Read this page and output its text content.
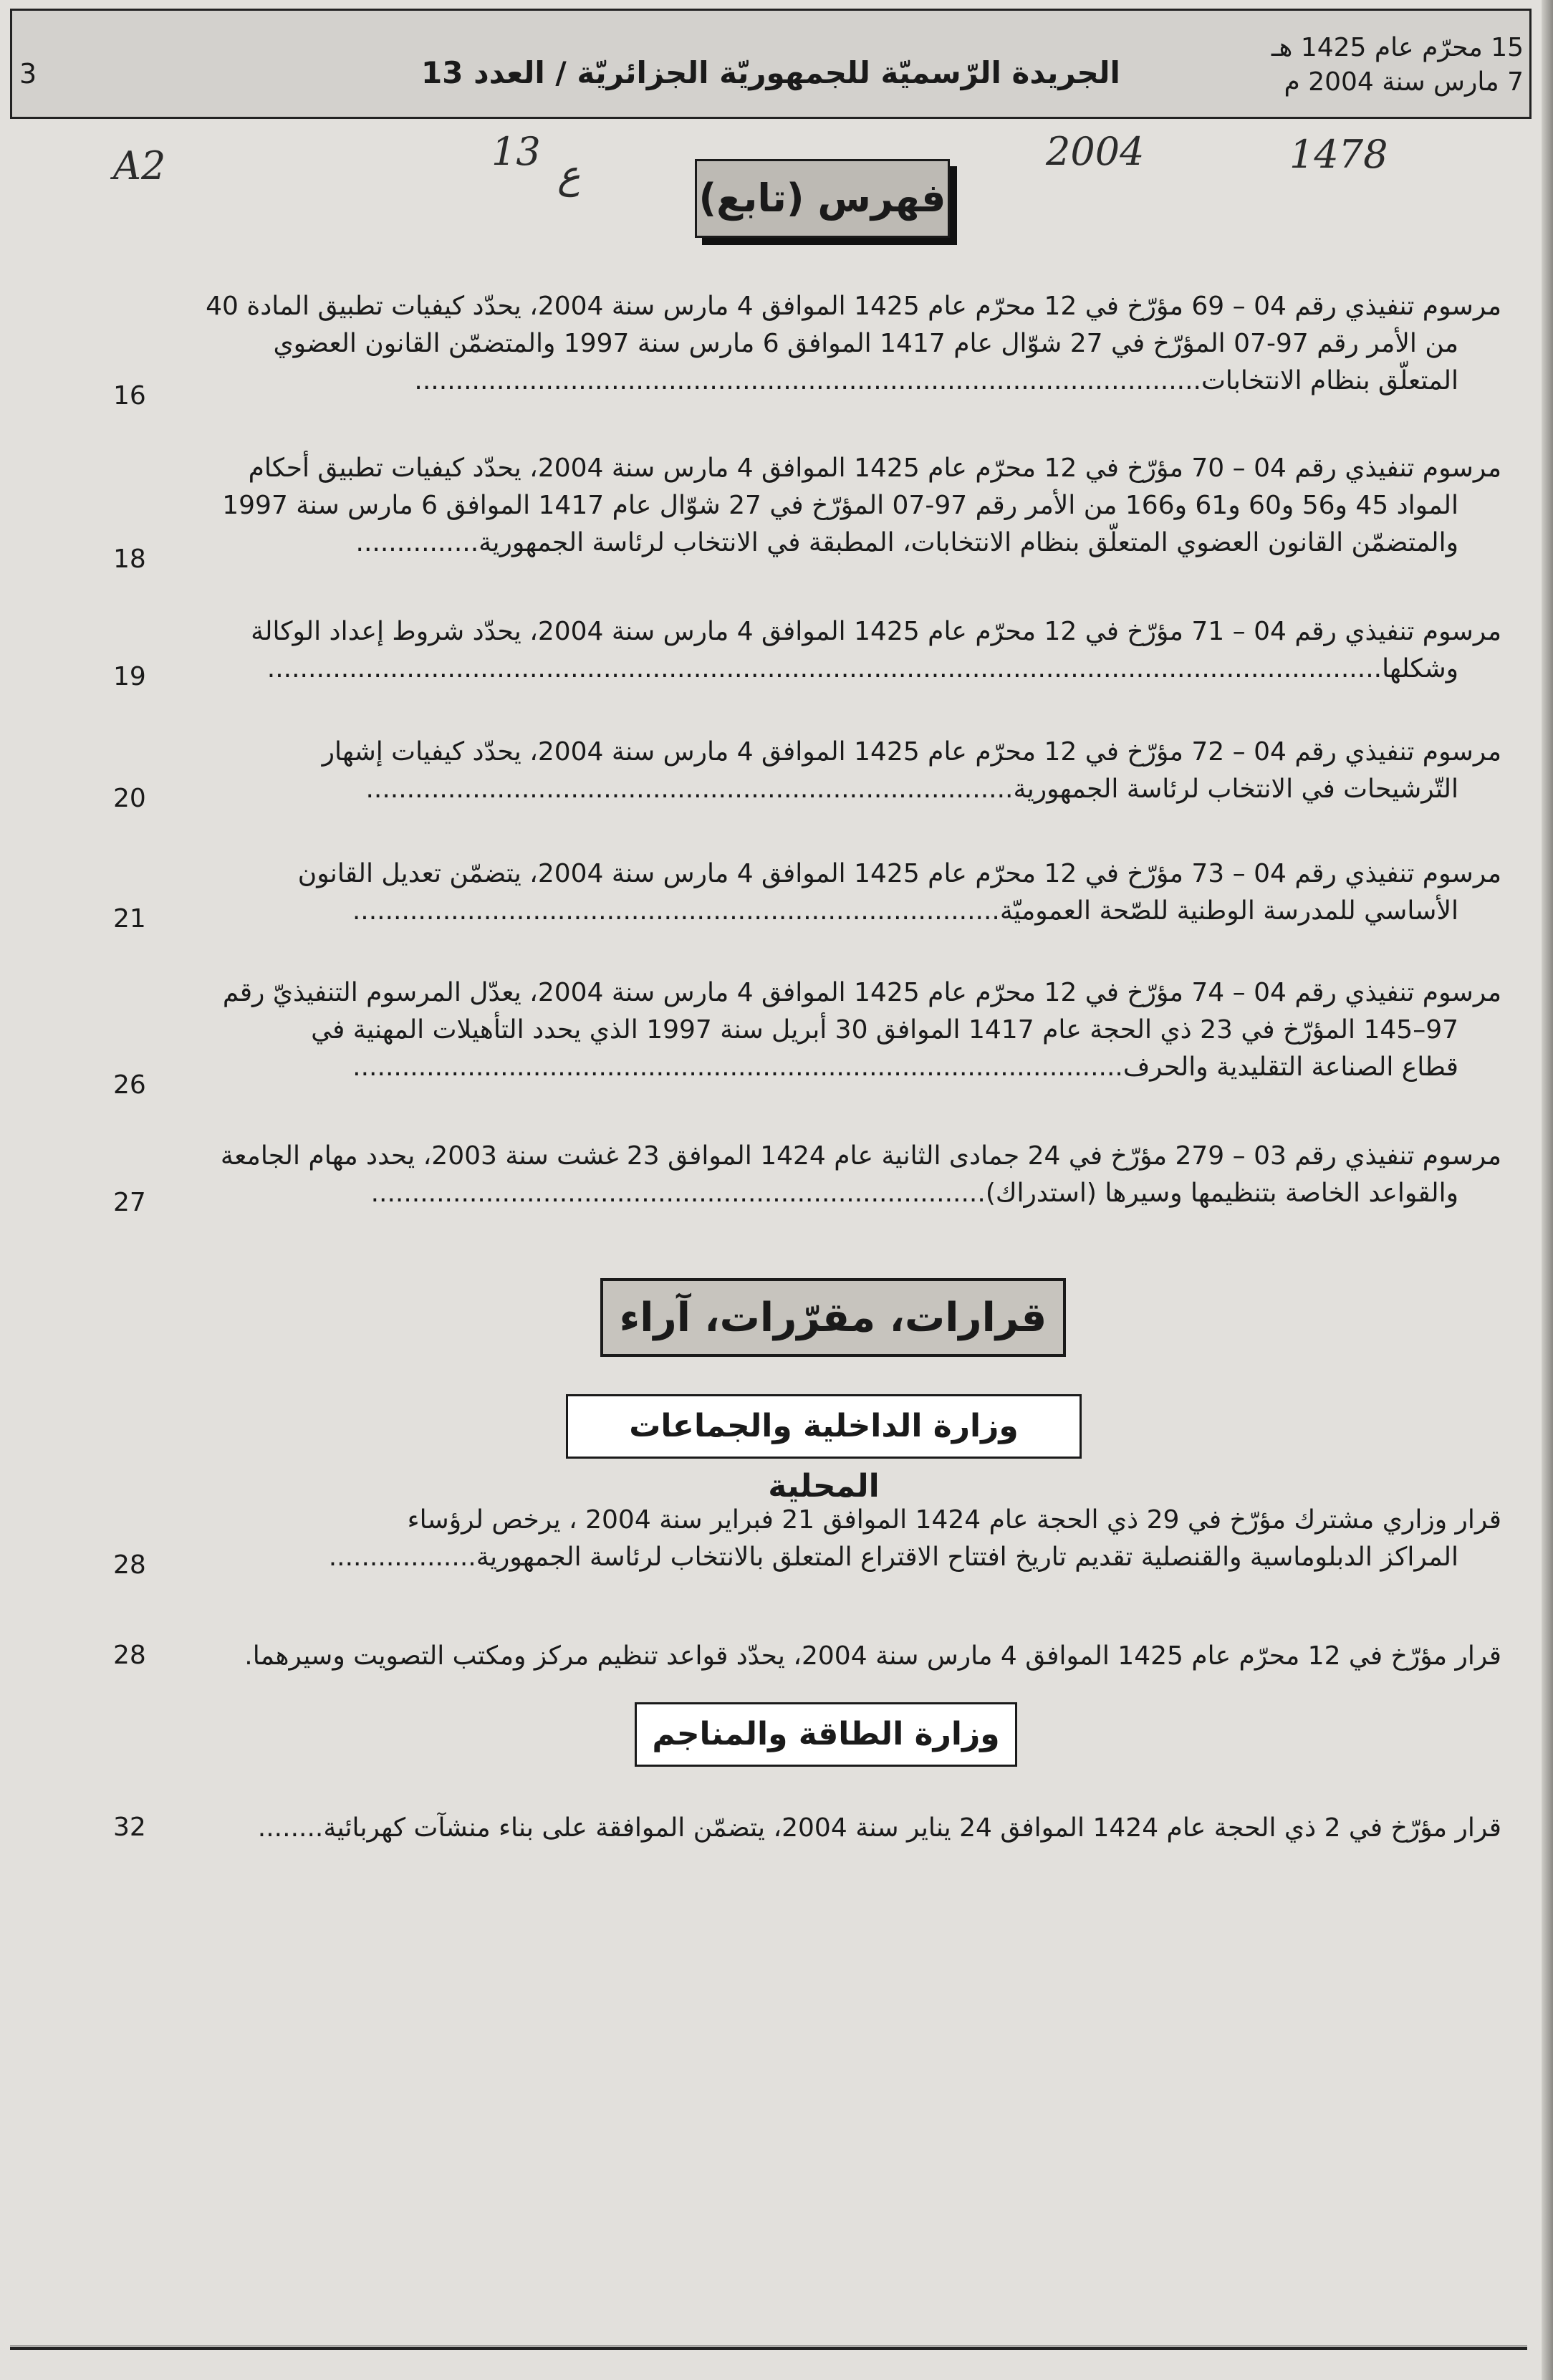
3	الجريدة الرّسميّة للجمهوريّة الجزائريّة / العدد 13
15 محرّم عام 1425 هـ
7 مارس سنة 2004 م
A2	13
ع
2004	1478
فهرس (تابع)
مرسوم تنفيذي رقم 04 – 69 مؤرّخ في 12 محرّم عام 1425 الموافق 4 مارس سنة 2004، يحدّد كيفيات تطبيق المادة 40
من الأمر رقم 97-07 المؤرّخ في 27 شوّال عام 1417 الموافق 6 مارس سنة 1997 والمتضمّن القانون العضوي
المتعلّق بنظام الانتخابات................................................................................................
16
مرسوم تنفيذي رقم 04 – 70 مؤرّخ في 12 محرّم عام 1425 الموافق 4 مارس سنة 2004، يحدّد كيفيات تطبيق أحكام
المواد 45 و56 و60 و61 و166 من الأمر رقم 97-07 المؤرّخ في 27 شوّال عام 1417 الموافق 6 مارس سنة 1997
والمتضمّن القانون العضوي المتعلّق بنظام الانتخابات، المطبقة في الانتخاب لرئاسة الجمهورية...............
18
مرسوم تنفيذي رقم 04 – 71 مؤرّخ في 12 محرّم عام 1425 الموافق 4 مارس سنة 2004، يحدّد شروط إعداد الوكالة
وشكلها........................................................................................................................................
19
مرسوم تنفيذي رقم 04 – 72 مؤرّخ في 12 محرّم عام 1425 الموافق 4 مارس سنة 2004، يحدّد كيفيات إشهار
التّرشيحات في الانتخاب لرئاسة الجمهورية...............................................................................
20
مرسوم تنفيذي رقم 04 – 73 مؤرّخ في 12 محرّم عام 1425 الموافق 4 مارس سنة 2004، يتضمّن تعديل القانون
الأساسي للمدرسة الوطنية للصّحة العموميّة...............................................................................
21
مرسوم تنفيذي رقم 04 – 74 مؤرّخ في 12 محرّم عام 1425 الموافق 4 مارس سنة 2004، يعدّل المرسوم التنفيذيّ رقم
97–145 المؤرّخ في 23 ذي الحجة عام 1417 الموافق 30 أبريل سنة 1997 الذي يحدد التأهيلات المهنية في
قطاع الصناعة التقليدية والحرف..............................................................................................
26
مرسوم تنفيذي رقم 03 – 279 مؤرّخ في 24 جمادى الثانية عام 1424 الموافق 23 غشت سنة 2003، يحدد مهام الجامعة
والقواعد الخاصة بتنظيمها وسيرها (استدراك)...........................................................................
27
قرارات، مقرّرات، آراء
وزارة الداخلية والجماعات المحلية
قرار وزاري مشترك مؤرّخ في 29 ذي الحجة عام 1424 الموافق 21 فبراير سنة 2004 ، يرخص لرؤساء
المراكز الدبلوماسية والقنصلية تقديم تاريخ افتتاح الاقتراع المتعلق بالانتخاب لرئاسة الجمهورية..................
28
قرار مؤرّخ في 12 محرّم عام 1425 الموافق 4 مارس سنة 2004، يحدّد قواعد تنظيم مركز ومكتب التصويت وسيرهما.
28
وزارة الطاقة والمناجم
قرار مؤرّخ في 2 ذي الحجة عام 1424 الموافق 24 يناير سنة 2004، يتضمّن الموافقة على بناء منشآت كهربائية........
32
